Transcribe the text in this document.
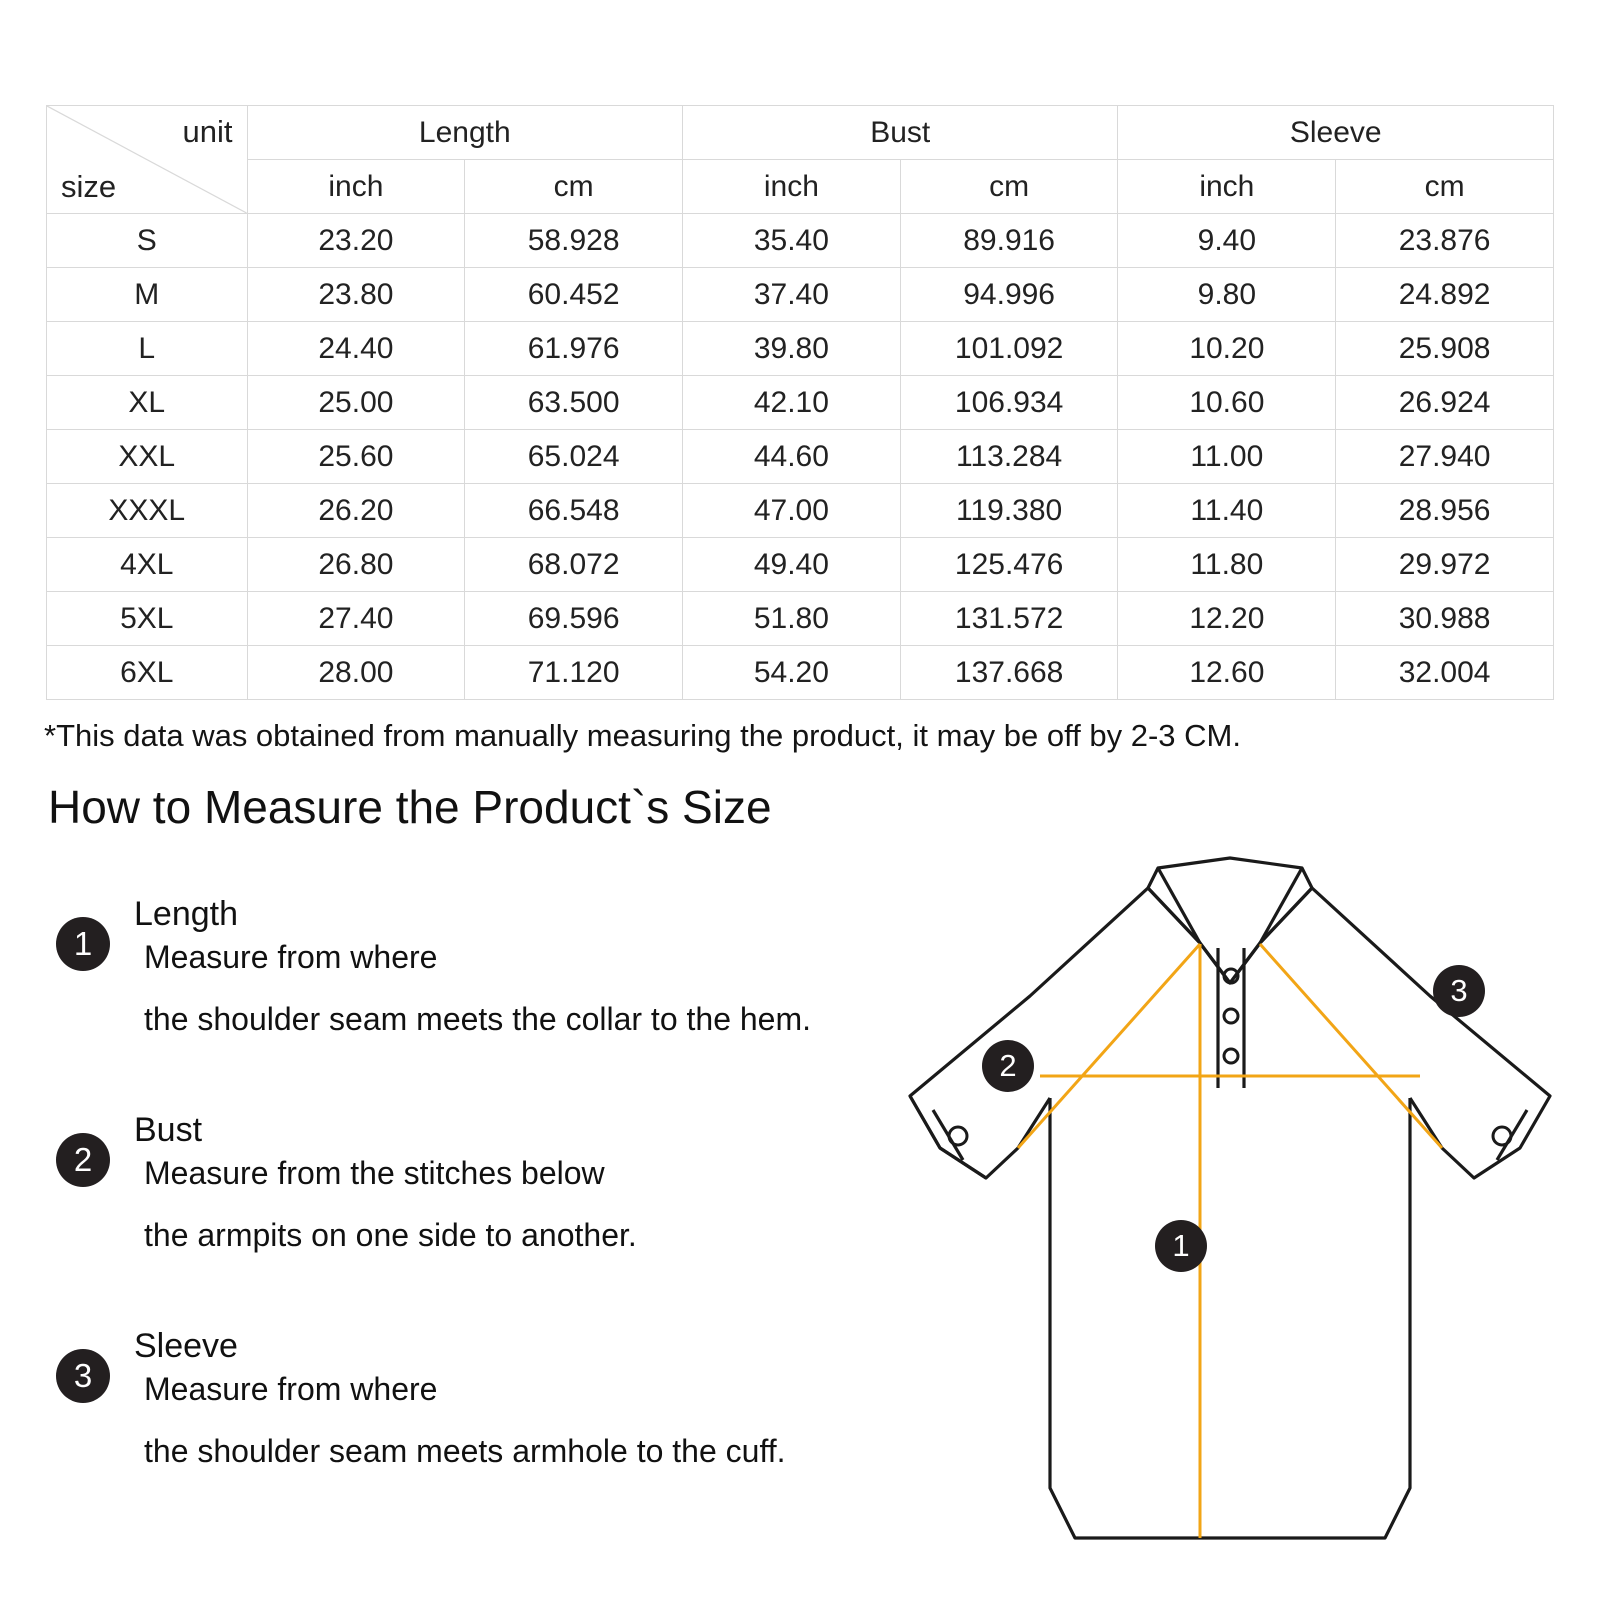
unit
size	Length		Bust		Sleeve	
	inch	cm	inch	cm	inch	cm
S	23.20	58.928	35.40	89.916	9.40	23.876
M	23.80	60.452	37.40	94.996	9.80	24.892
L	24.40	61.976	39.80	101.092	10.20	25.908
XL	25.00	63.500	42.10	106.934	10.60	26.924
XXL	25.60	65.024	44.60	113.284	11.00	27.940
XXXL	26.20	66.548	47.00	119.380	11.40	28.956
4XL	26.80	68.072	49.40	125.476	11.80	29.972
5XL	27.40	69.596	51.80	131.572	12.20	30.988
6XL	28.00	71.120	54.20	137.668	12.60	32.004
*This data was obtained from manually measuring the product, it may be off by 2-3 CM.
How to Measure the Product`s Size
1
Length
Measure from where
the shoulder seam meets the collar to the hem.
2
Bust
Measure from the stitches below
the armpits on one side to another.
3
Sleeve
Measure from where
the shoulder seam meets armhole to the cuff.
1
2
3
